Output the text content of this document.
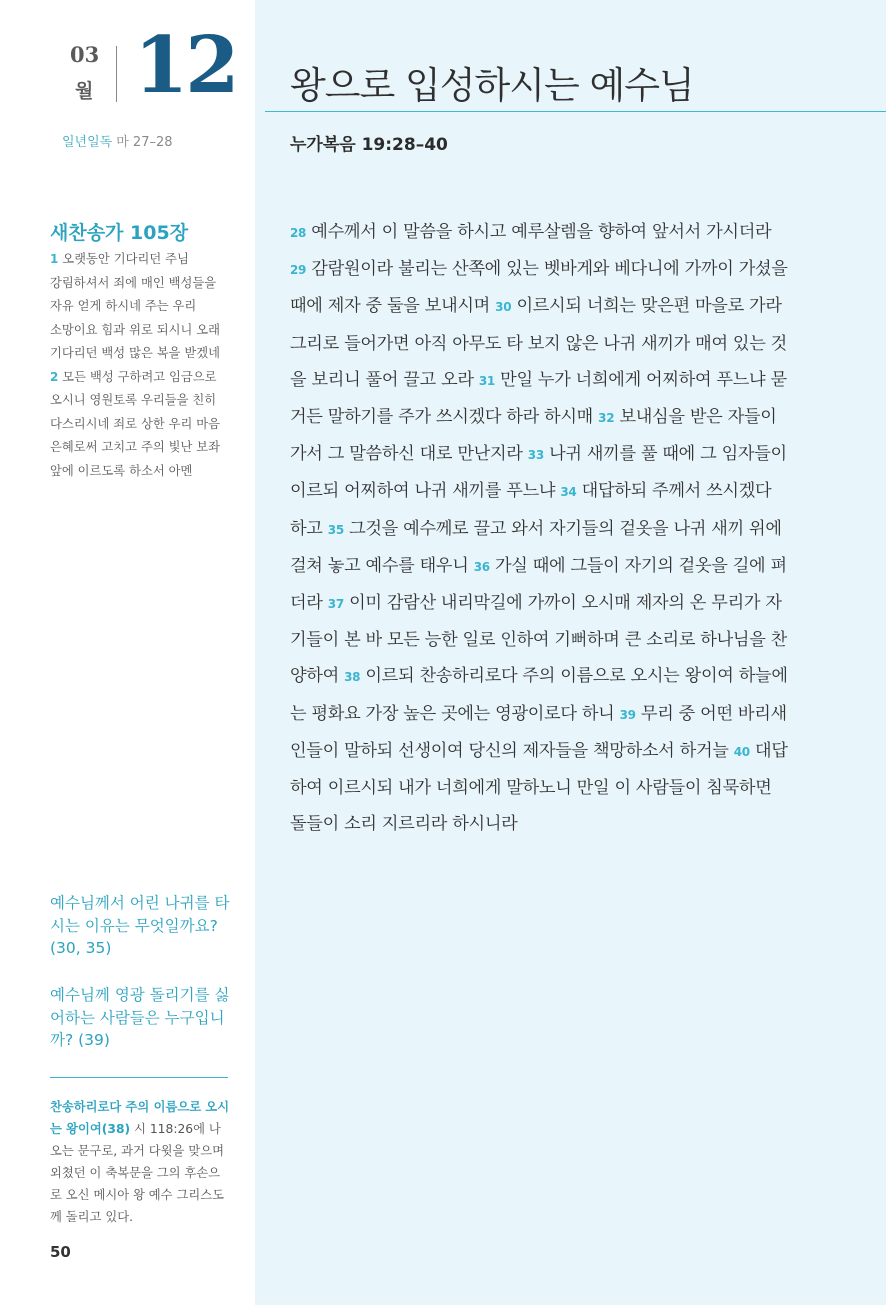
03
월 12 왕으로 입성하시는 예수님
일년일독 마 27–28	누가복음 19:28–40
새찬송가 105장
1 오랫동안 기다리던 주님 강림하셔서 죄에 매인 백성들을 자유 얻게 하시네 주는 우리 소망이요 힘과 위로 되시니 오래 기다리던 백성 많은 복을 받겠네
2 모든 백성 구하려고 임금으로 오시니 영원토록 우리들을 친히 다스리시네 죄로 상한 우리 마음 은혜로써 고치고 주의 빛난 보좌 앞에 이르도록 하소서 아멘
28 예수께서 이 말씀을 하시고 예루살렘을 향하여 앞서서 가시더라 29 감람원이라 불리는 산쪽에 있는 벳바게와 베다니에 가까이 가셨을 때에 제자 중 둘을 보내시며 30 이르시되 너희는 맞은편 마을로 가라 그리로 들어가면 아직 아무도 타 보지 않은 나귀 새끼가 매여 있는 것을 보리니 풀어 끌고 오라 31 만일 누가 너희에게 어찌하여 푸느냐 묻거든 말하기를 주가 쓰시겠다 하라 하시매 32 보내심을 받은 자들이 가서 그 말씀하신 대로 만난지라 33 나귀 새끼를 풀 때에 그 임자들이 이르되 어찌하여 나귀 새끼를 푸느냐 34 대답하되 주께서 쓰시겠다 하고 35 그것을 예수께로 끌고 와서 자기들의 겉옷을 나귀 새끼 위에 걸쳐 놓고 예수를 태우니 36 가실 때에 그들이 자기의 겉옷을 길에 펴더라 37 이미 감람산 내리막길에 가까이 오시매 제자의 온 무리가 자기들이 본 바 모든 능한 일로 인하여 기뻐하며 큰 소리로 하나님을 찬양하여 38 이르되 찬송하리로다 주의 이름으로 오시는 왕이여 하늘에는 평화요 가장 높은 곳에는 영광이로다 하니 39 무리 중 어떤 바리새인들이 말하되 선생이여 당신의 제자들을 책망하소서 하거늘 40 대답하여 이르시되 내가 너희에게 말하노니 만일 이 사람들이 침묵하면 돌들이 소리 지르리라 하시니라
예수님께서 어린 나귀를 타시는 이유는 무엇일까요? (30, 35)
예수님께 영광 돌리기를 싫어하는 사람들은 누구입니까? (39)
찬송하리로다 주의 이름으로 오시는 왕이여(38) 시 118:26에 나오는 문구로, 과거 다윗을 맞으며 외쳤던 이 축복문을 그의 후손으로 오신 메시아 왕 예수 그리스도께 돌리고 있다.
50
